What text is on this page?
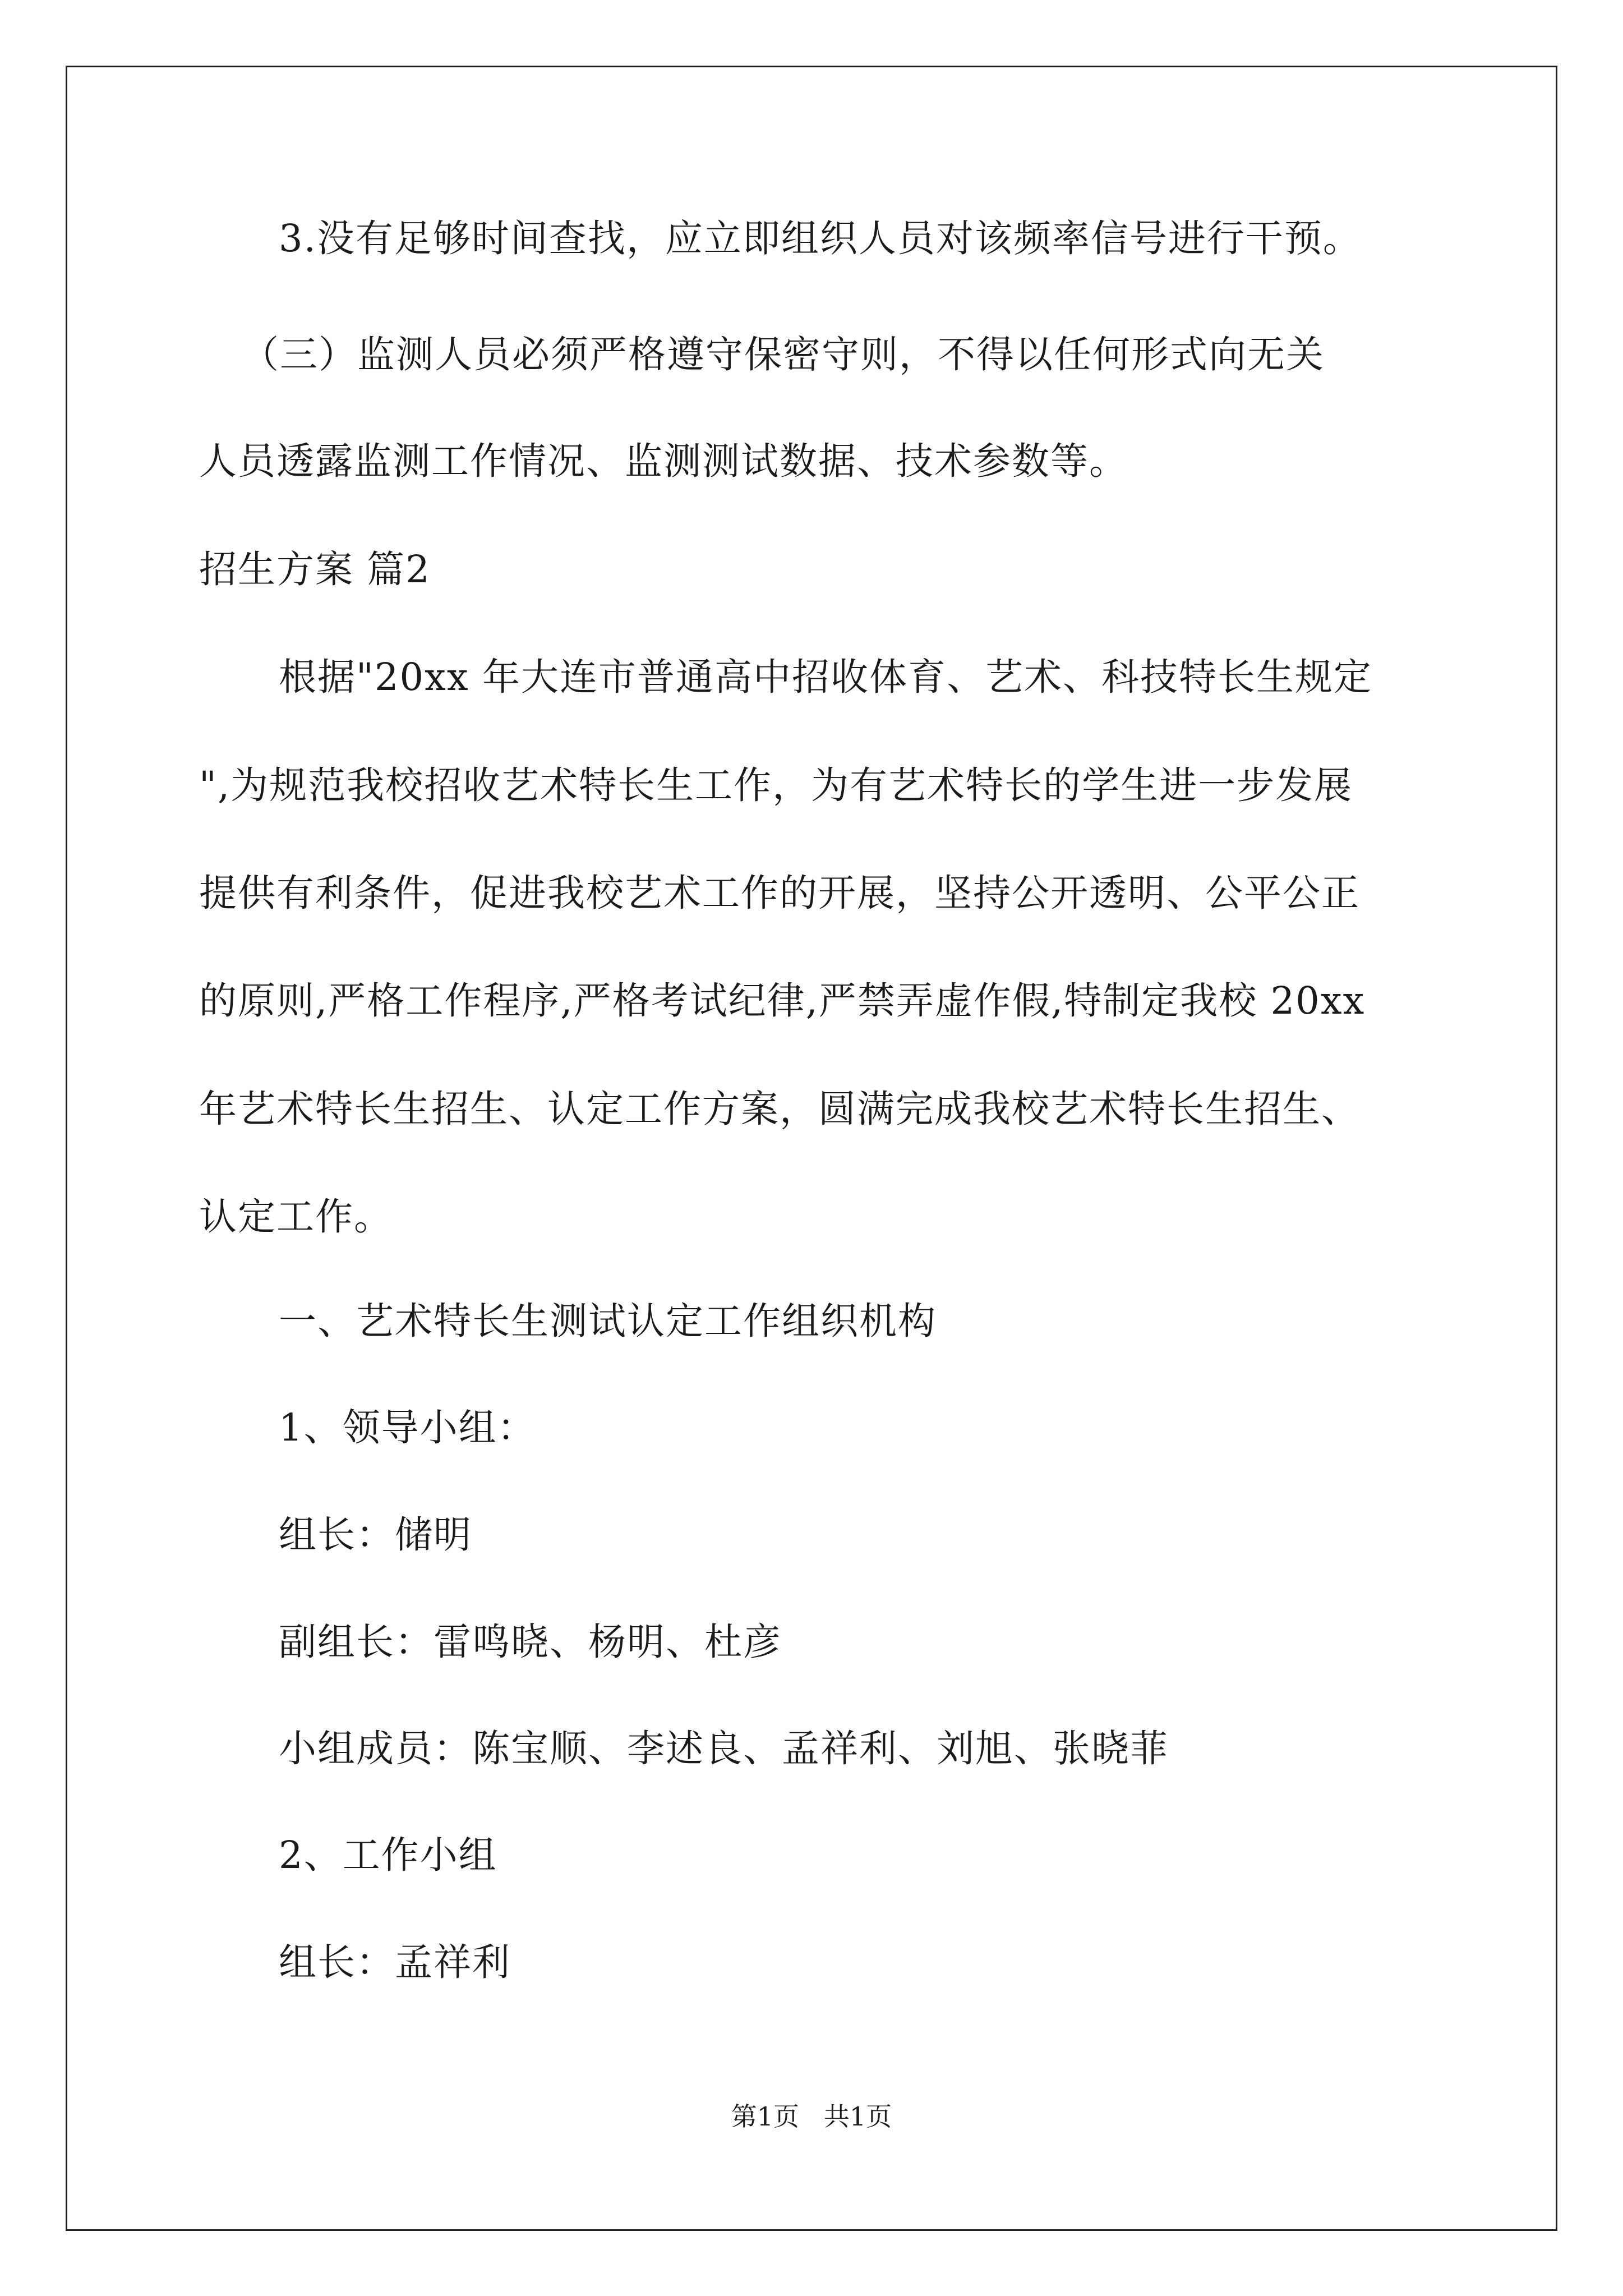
3.没有足够时间查找，应立即组织人员对该频率信号进行干预。
（三）监测人员必须严格遵守保密守则，不得以任何形式向无关
人员透露监测工作情况、监测测试数据、技术参数等。
招生方案 篇2
根据"20xx 年大连市普通高中招收体育、艺术、科技特长生规定
",为规范我校招收艺术特长生工作，为有艺术特长的学生进一步发展
提供有利条件，促进我校艺术工作的开展，坚持公开透明、公平公正
的原则,严格工作程序,严格考试纪律,严禁弄虚作假,特制定我校 20xx
年艺术特长生招生、认定工作方案，圆满完成我校艺术特长生招生、
认定工作。
一、艺术特长生测试认定工作组织机构
1、领导小组：
组长：储明
副组长：雷鸣晓、杨明、杜彦
小组成员：陈宝顺、李述良、孟祥利、刘旭、张晓菲
2、工作小组
组长：孟祥利
第1页   共1页
